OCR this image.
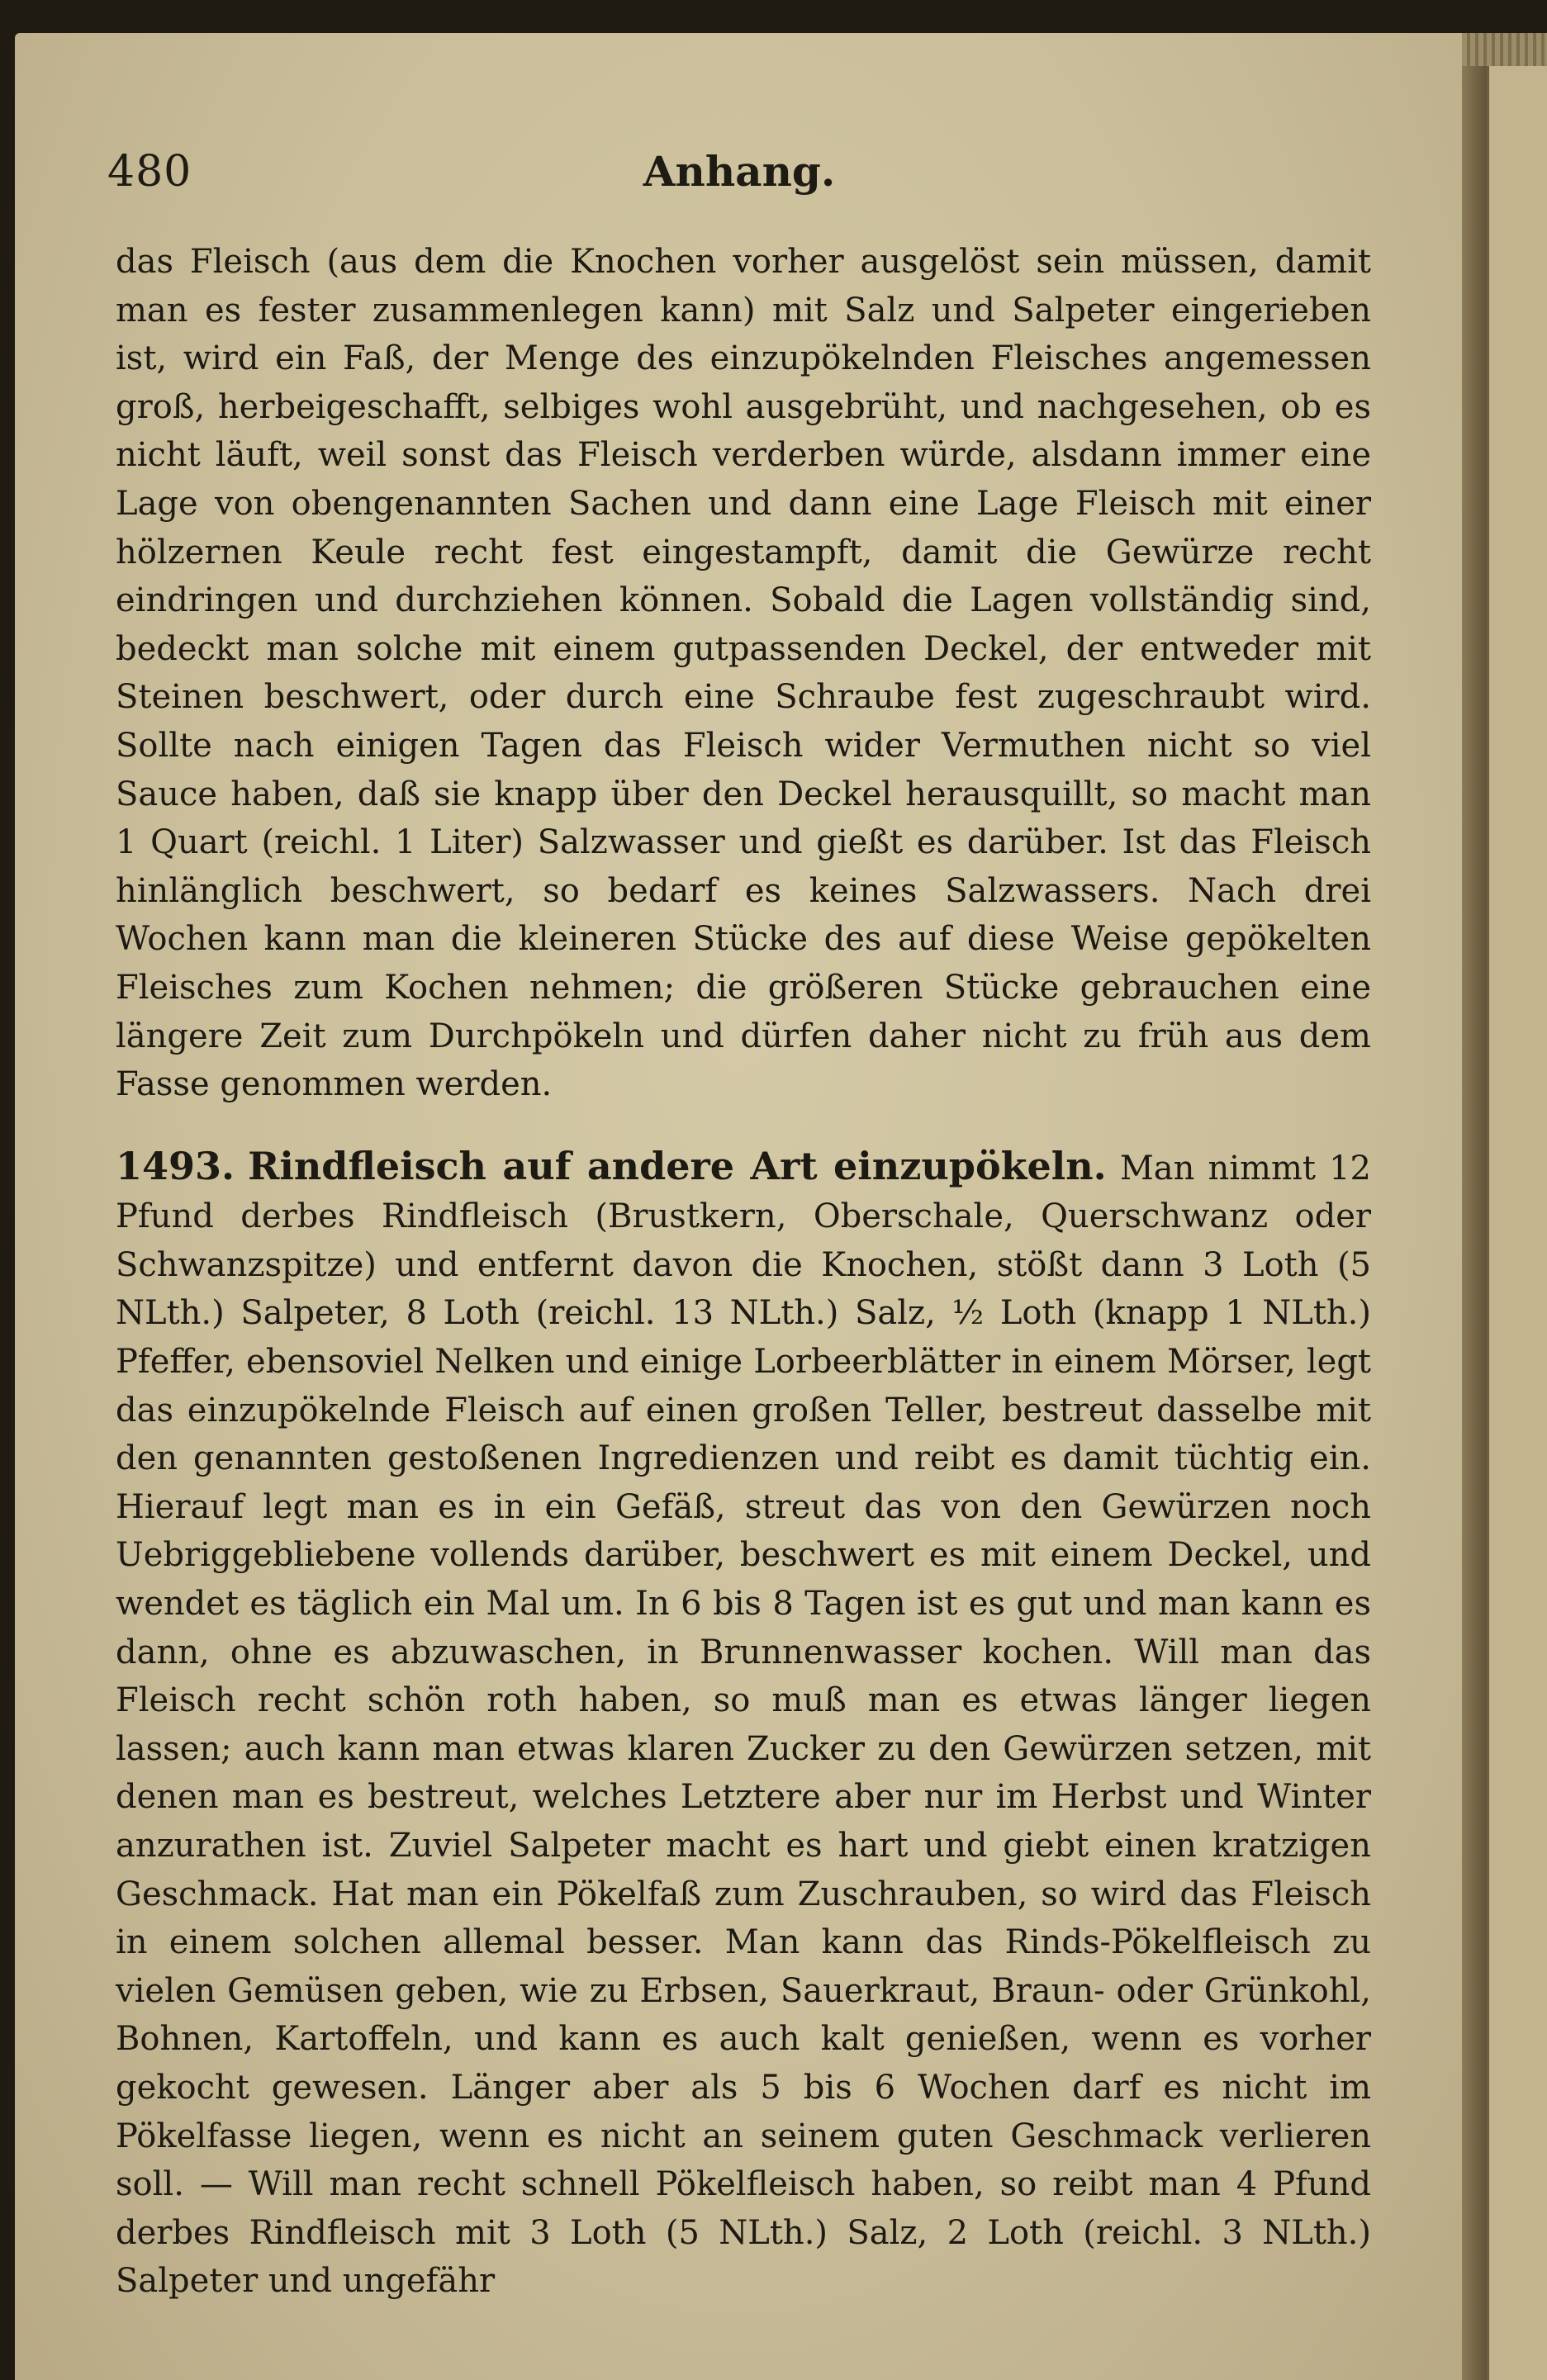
480	Anhang.

das Fleisch (aus dem die Knochen vorher ausgelöst sein müssen, damit man es fester zusammenlegen kann) mit Salz und Salpeter eingerieben ist, wird ein Faß, der Menge des einzupökelnden Fleisches angemessen groß, herbeigeschafft, selbiges wohl ausgebrüht, und nachgesehen, ob es nicht läuft, weil sonst das Fleisch verderben würde, alsdann immer eine Lage von obengenannten Sachen und dann eine Lage Fleisch mit einer hölzernen Keule recht fest eingestampft, damit die Gewürze recht eindringen und durchziehen können. Sobald die Lagen vollständig sind, bedeckt man solche mit einem gutpassenden Deckel, der entweder mit Steinen beschwert, oder durch eine Schraube fest zugeschraubt wird. Sollte nach einigen Tagen das Fleisch wider Vermuthen nicht so viel Sauce haben, daß sie knapp über den Deckel herausquillt, so macht man 1 Quart (reichl. 1 Liter) Salzwasser und gießt es darüber. Ist das Fleisch hinlänglich beschwert, so bedarf es keines Salzwassers. Nach drei Wochen kann man die kleineren Stücke des auf diese Weise gepökelten Fleisches zum Kochen nehmen; die größeren Stücke gebrauchen eine längere Zeit zum Durchpökeln und dürfen daher nicht zu früh aus dem Fasse genommen werden.

1493. Rindfleisch auf andere Art einzupökeln. Man nimmt 12 Pfund derbes Rindfleisch (Brustkern, Oberschale, Querschwanz oder Schwanzspitze) und entfernt davon die Knochen, stößt dann 3 Loth (5 NLth.) Salpeter, 8 Loth (reichl. 13 NLth.) Salz, ½ Loth (knapp 1 NLth.) Pfeffer, ebensoviel Nelken und einige Lorbeerblätter in einem Mörser, legt das einzupökelnde Fleisch auf einen großen Teller, bestreut dasselbe mit den genannten gestoßenen Ingredienzen und reibt es damit tüchtig ein. Hierauf legt man es in ein Gefäß, streut das von den Gewürzen noch Uebriggebliebene vollends darüber, beschwert es mit einem Deckel, und wendet es täglich ein Mal um. In 6 bis 8 Tagen ist es gut und man kann es dann, ohne es abzuwaschen, in Brunnenwasser kochen. Will man das Fleisch recht schön roth haben, so muß man es etwas länger liegen lassen; auch kann man etwas klaren Zucker zu den Gewürzen setzen, mit denen man es bestreut, welches Letztere aber nur im Herbst und Winter anzurathen ist. Zuviel Salpeter macht es hart und giebt einen kratzigen Geschmack. Hat man ein Pökelfaß zum Zuschrauben, so wird das Fleisch in einem solchen allemal besser. Man kann das Rinds-Pökelfleisch zu vielen Gemüsen geben, wie zu Erbsen, Sauerkraut, Braun- oder Grünkohl, Bohnen, Kartoffeln, und kann es auch kalt genießen, wenn es vorher gekocht gewesen. Länger aber als 5 bis 6 Wochen darf es nicht im Pökelfasse liegen, wenn es nicht an seinem guten Geschmack verlieren soll. — Will man recht schnell Pökelfleisch haben, so reibt man 4 Pfund derbes Rindfleisch mit 3 Loth (5 NLth.) Salz, 2 Loth (reichl. 3 NLth.) Salpeter und ungefähr
